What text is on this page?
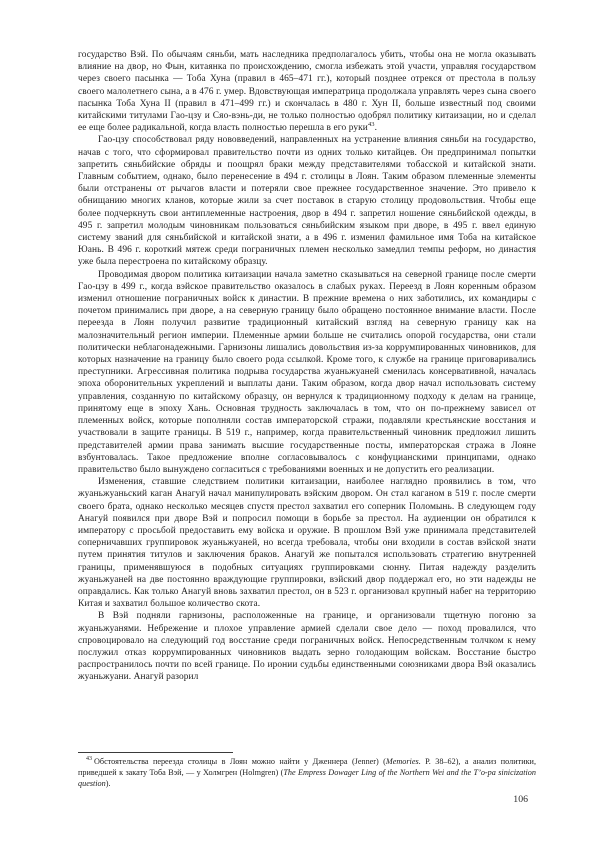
государство Вэй. По обычаям сяньби, мать наследника предполагалось убить, чтобы она не могла оказывать влияние на двор, но Фын, китаянка по происхождению, смогла избежать этой участи, управляя государством через своего пасынка — Тоба Хуна (правил в 465–471 гг.), который позднее отрекся от престола в пользу своего малолетнего сына, а в 476 г. умер. Вдовствующая императрица продолжала управлять через сына своего пасынка Тоба Хуна II (правил в 471–499 гг.) и скончалась в 480 г. Хун II, больше известный под своими китайскими титулами Гао-цзу и Сяо-вэнь-ди, не только полностью одобрял политику китаизации, но и сделал ее еще более радикальной, когда власть полностью перешла в его руки$^{43}$.

Гао-цзу способствовал ряду нововведений, направленных на устранение влияния сяньби на государство, начав с того, что сформировал правительство почти из одних только китайцев. Он предпринимал попытки запретить сяньбийские обряды и поощрял браки между представителями тобасской и китайской знати. Главным событием, однако, было перенесение в 494 г. столицы в Лоян. Таким образом племенные элементы были отстранены от рычагов власти и потеряли свое прежнее государственное значение. Это привело к обнищанию многих кланов, которые жили за счет поставок в старую столицу продовольствия. Чтобы еще более подчеркнуть свои антиплеменные настроения, двор в 494 г. запретил ношение сяньбийской одежды, в 495 г. запретил молодым чиновникам пользоваться сяньбийским языком при дворе, в 495 г. ввел единую систему званий для сяньбийской и китайской знати, а в 496 г. изменил фамильное имя Тоба на китайское Юань. В 496 г. короткий мятеж среди пограничных племен несколько замедлил темпы реформ, но династия уже была перестроена по китайскому образцу.

Проводимая двором политика китаизации начала заметно сказываться на северной границе после смерти Гао-цзу в 499 г., когда вэйское правительство оказалось в слабых руках. Переезд в Лоян коренным образом изменил отношение пограничных войск к династии. В прежние времена о них заботились, их командиры с почетом принимались при дворе, а на северную границу было обращено постоянное внимание власти. После переезда в Лоян получил развитие традиционный китайский взгляд на северную границу как на малозначительный регион империи. Племенные армии больше не считались опорой государства, они стали политически неблагонадежными. Гарнизоны лишались довольствия из-за коррумпированных чиновников, для которых назначение на границу было своего рода ссылкой. Кроме того, к службе на границе приговаривались преступники. Агрессивная политика подрыва государства жуаньжуаней сменилась консервативной, началась эпоха оборонительных укреплений и выплаты дани. Таким образом, когда двор начал использовать систему управления, созданную по китайскому образцу, он вернулся к традиционному подходу к делам на границе, принятому еще в эпоху Хань. Основная трудность заключалась в том, что он по-прежнему зависел от племенных войск, которые пополняли состав императорской стражи, подавляли крестьянские восстания и участвовали в защите границы. В 519 г., например, когда правительственный чиновник предложил лишить представителей армии права занимать высшие государственные посты, императорская стража в Лояне взбунтовалась. Такое предложение вполне согласовывалось с конфуцианскими принципами, однако правительство было вынуждено согласиться с требованиями военных и не допустить его реализации.

Изменения, ставшие следствием политики китаизации, наиболее наглядно проявились в том, что жуаньжуаньский каган Анагуй начал манипулировать вэйским двором. Он стал каганом в 519 г. после смерти своего брата, однако несколько месяцев спустя престол захватил его соперник Поломынь. В следующем году Анагуй появился при дворе Вэй и попросил помощи в борьбе за престол. На аудиенции он обратился к императору с просьбой предоставить ему войска и оружие. В прошлом Вэй уже принимала представителей соперничавших группировок жуаньжуаней, но всегда требовала, чтобы они входили в состав вэйской знати путем принятия титулов и заключения браков. Анагуй же попытался использовать стратегию внутренней границы, применявшуюся в подобных ситуациях группировками сюнну. Питая надежду разделить жуаньжуаней на две постоянно враждующие группировки, вэйский двор поддержал его, но эти надежды не оправдались. Как только Анагуй вновь захватил престол, он в 523 г. организовал крупный набег на территорию Китая и захватил большое количество скота.

В Вэй подняли гарнизоны, расположенные на границе, и организовали тщетную погоню за жуаньжуанями. Небрежение и плохое управление армией сделали свое дело — поход провалился, что спровоцировало на следующий год восстание среди пограничных войск. Непосредственным толчком к нему послужил отказ коррумпированных чиновников выдать зерно голодающим войскам. Восстание быстро распространилось почти по всей границе. По иронии судьбы единственными союзниками двора Вэй оказались жуаньжуани. Анагуй разорил

$^{43}$ Обстоятельства переезда столицы в Лоян можно найти у Дженнера (Jenner) (Memories. P. 38–62), а анализ политики, приведшей к закату Тоба Вэй, — у Холмгрен (Holmgren) (The Empress Dowager Ling of the Northern Wei and the T’o-pa sinicization question).
106
